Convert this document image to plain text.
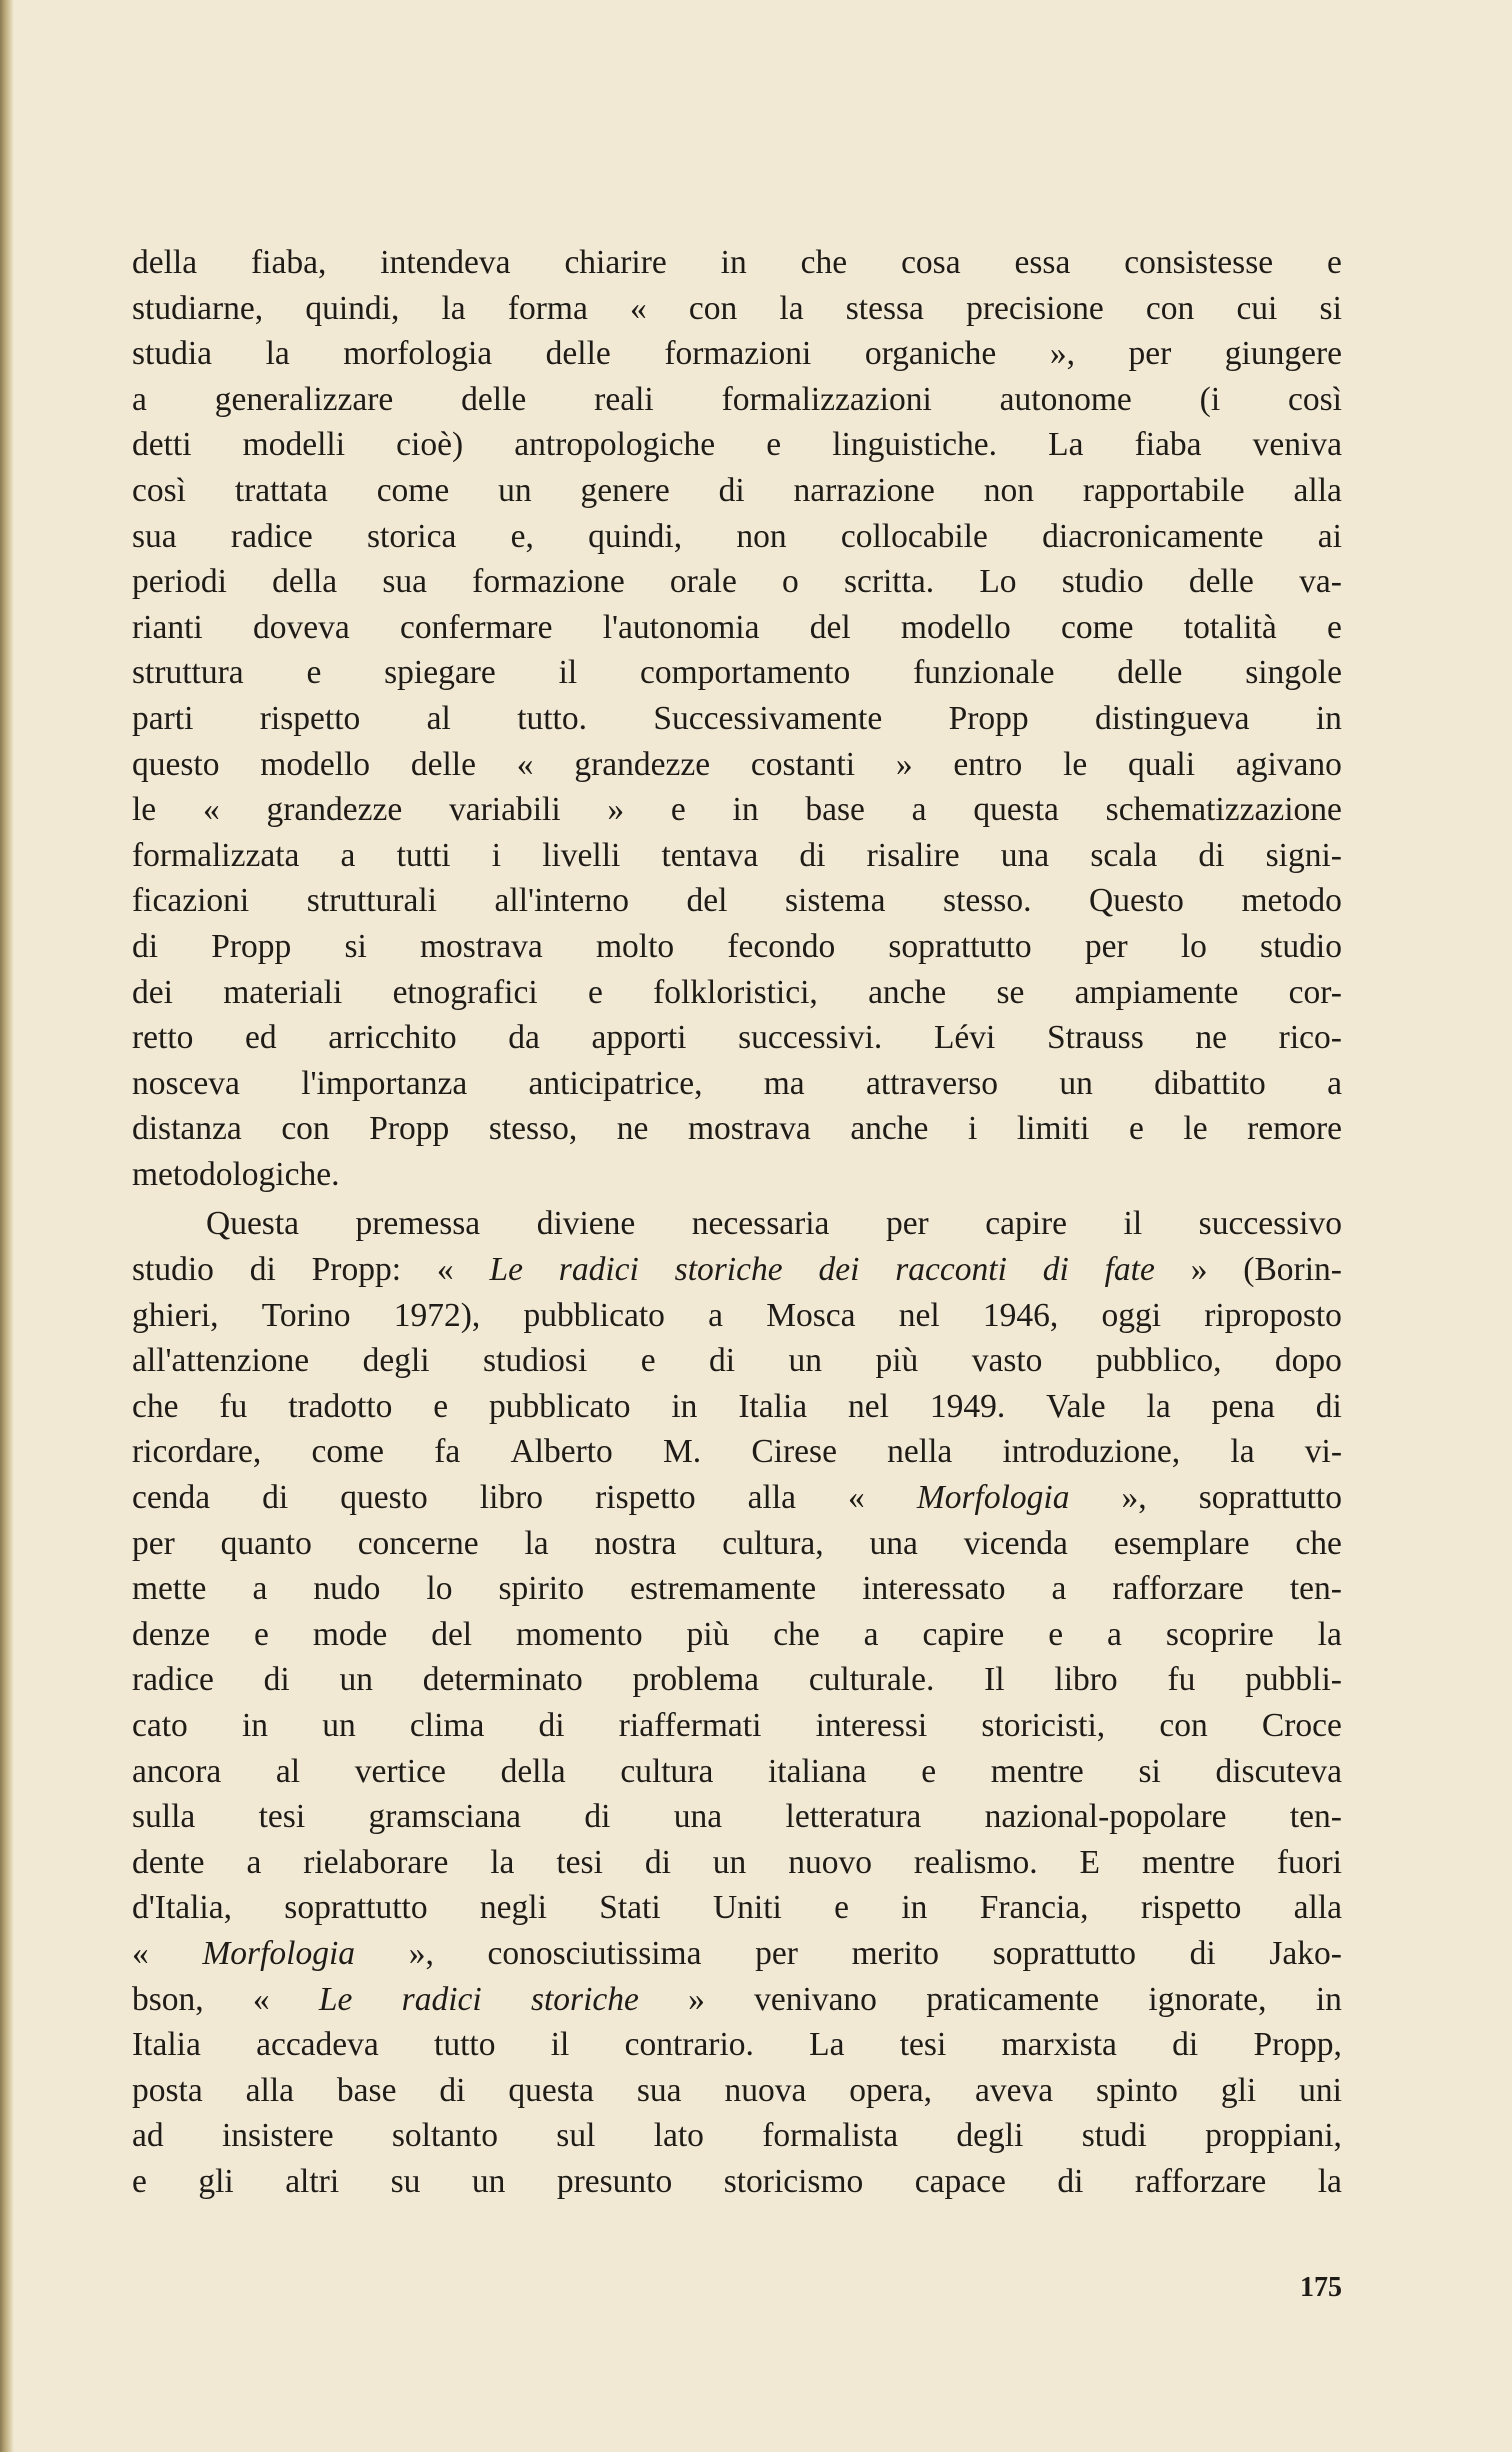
della fiaba, intendeva chiarire in che cosa essa consistesse e
studiarne, quindi, la forma « con la stessa precisione con cui si
studia la morfologia delle formazioni organiche », per giungere
a generalizzare delle reali formalizzazioni autonome (i così
detti modelli cioè) antropologiche e linguistiche. La fiaba veniva
così trattata come un genere di narrazione non rapportabile alla
sua radice storica e, quindi, non collocabile diacronicamente ai
periodi della sua formazione orale o scritta. Lo studio delle va-
rianti doveva confermare l'autonomia del modello come totalità e
struttura e spiegare il comportamento funzionale delle singole
parti rispetto al tutto. Successivamente Propp distingueva in
questo modello delle « grandezze costanti » entro le quali agivano
le « grandezze variabili » e in base a questa schematizzazione
formalizzata a tutti i livelli tentava di risalire una scala di signi-
ficazioni strutturali all'interno del sistema stesso. Questo metodo
di Propp si mostrava molto fecondo soprattutto per lo studio
dei materiali etnografici e folkloristici, anche se ampiamente cor-
retto ed arricchito da apporti successivi. Lévi Strauss ne rico-
nosceva l'importanza anticipatrice, ma attraverso un dibattito a
distanza con Propp stesso, ne mostrava anche i limiti e le remore
metodologiche.
Questa premessa diviene necessaria per capire il successivo
studio di Propp: « Le radici storiche dei racconti di fate » (Borin-
ghieri, Torino 1972), pubblicato a Mosca nel 1946, oggi riproposto
all'attenzione degli studiosi e di un più vasto pubblico, dopo
che fu tradotto e pubblicato in Italia nel 1949. Vale la pena di
ricordare, come fa Alberto M. Cirese nella introduzione, la vi-
cenda di questo libro rispetto alla « Morfologia », soprattutto
per quanto concerne la nostra cultura, una vicenda esemplare che
mette a nudo lo spirito estremamente interessato a rafforzare ten-
denze e mode del momento più che a capire e a scoprire la
radice di un determinato problema culturale. Il libro fu pubbli-
cato in un clima di riaffermati interessi storicisti, con Croce
ancora al vertice della cultura italiana e mentre si discuteva
sulla tesi gramsciana di una letteratura nazional-popolare ten-
dente a rielaborare la tesi di un nuovo realismo. E mentre fuori
d'Italia, soprattutto negli Stati Uniti e in Francia, rispetto alla
« Morfologia », conosciutissima per merito soprattutto di Jako-
bson, « Le radici storiche » venivano praticamente ignorate, in
Italia accadeva tutto il contrario. La tesi marxista di Propp,
posta alla base di questa sua nuova opera, aveva spinto gli uni
ad insistere soltanto sul lato formalista degli studi proppiani,
e gli altri su un presunto storicismo capace di rafforzare la
175
